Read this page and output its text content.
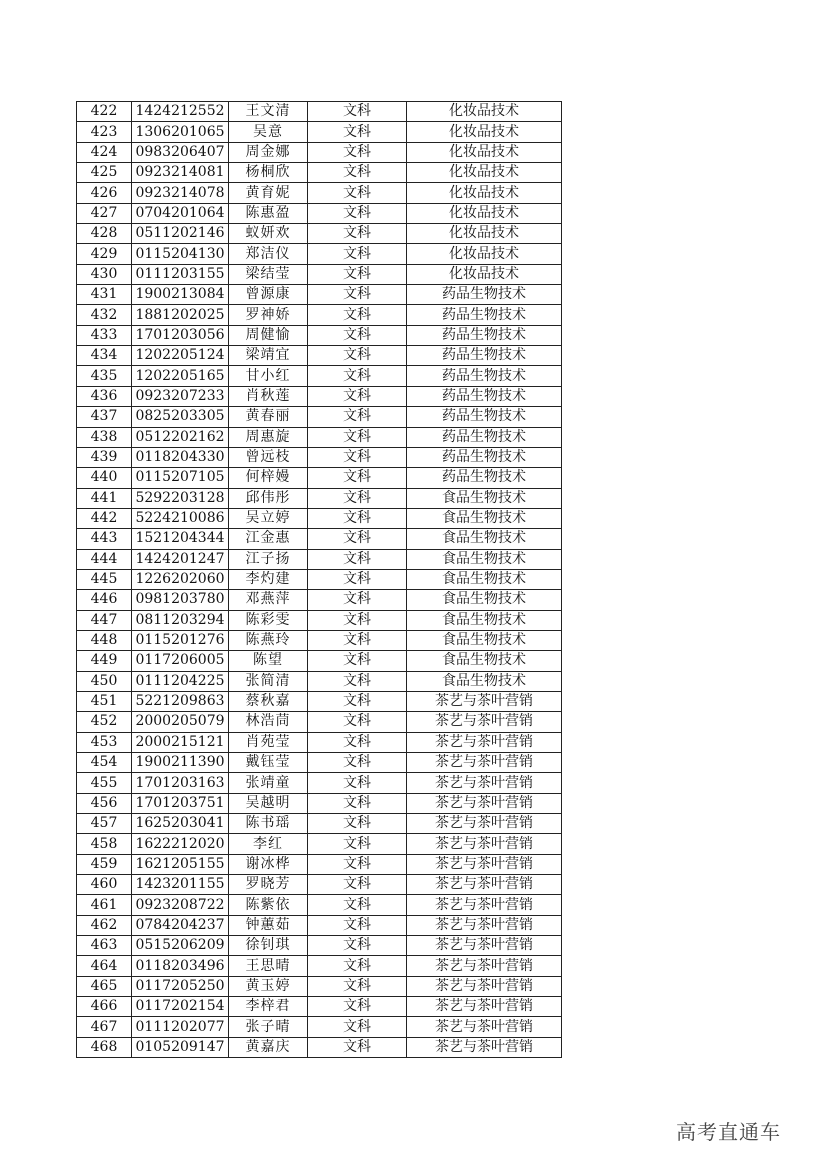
422	1424212552	王文清	文科	化妆品技术
423	1306201065	吴意	文科	化妆品技术
424	0983206407	周金娜	文科	化妆品技术
425	0923214081	杨桐欣	文科	化妆品技术
426	0923214078	黄育妮	文科	化妆品技术
427	0704201064	陈惠盈	文科	化妆品技术
428	0511202146	蚁妍欢	文科	化妆品技术
429	0115204130	郑洁仪	文科	化妆品技术
430	0111203155	梁结莹	文科	化妆品技术
431	1900213084	曾源康	文科	药品生物技术
432	1881202025	罗神娇	文科	药品生物技术
433	1701203056	周健愉	文科	药品生物技术
434	1202205124	梁靖宜	文科	药品生物技术
435	1202205165	甘小红	文科	药品生物技术
436	0923207233	肖秋莲	文科	药品生物技术
437	0825203305	黄春丽	文科	药品生物技术
438	0512202162	周惠旋	文科	药品生物技术
439	0118204330	曾远枝	文科	药品生物技术
440	0115207105	何梓嫚	文科	药品生物技术
441	5292203128	邱伟彤	文科	食品生物技术
442	5224210086	吴立婷	文科	食品生物技术
443	1521204344	江金惠	文科	食品生物技术
444	1424201247	江子扬	文科	食品生物技术
445	1226202060	李灼建	文科	食品生物技术
446	0981203780	邓燕萍	文科	食品生物技术
447	0811203294	陈彩雯	文科	食品生物技术
448	0115201276	陈燕玲	文科	食品生物技术
449	0117206005	陈望	文科	食品生物技术
450	0111204225	张简清	文科	食品生物技术
451	5221209863	蔡秋嘉	文科	茶艺与茶叶营销
452	2000205079	林浩茼	文科	茶艺与茶叶营销
453	2000215121	肖苑莹	文科	茶艺与茶叶营销
454	1900211390	戴钰莹	文科	茶艺与茶叶营销
455	1701203163	张靖童	文科	茶艺与茶叶营销
456	1701203751	吴越明	文科	茶艺与茶叶营销
457	1625203041	陈书瑶	文科	茶艺与茶叶营销
458	1622212020	李红	文科	茶艺与茶叶营销
459	1621205155	谢冰桦	文科	茶艺与茶叶营销
460	1423201155	罗晓芳	文科	茶艺与茶叶营销
461	0923208722	陈紫依	文科	茶艺与茶叶营销
462	0784204237	钟蕙茹	文科	茶艺与茶叶营销
463	0515206209	徐钊琪	文科	茶艺与茶叶营销
464	0118203496	王思晴	文科	茶艺与茶叶营销
465	0117205250	黄玉婷	文科	茶艺与茶叶营销
466	0117202154	李梓君	文科	茶艺与茶叶营销
467	0111202077	张子晴	文科	茶艺与茶叶营销
468	0105209147	黄嘉庆	文科	茶艺与茶叶营销
高考直通车
